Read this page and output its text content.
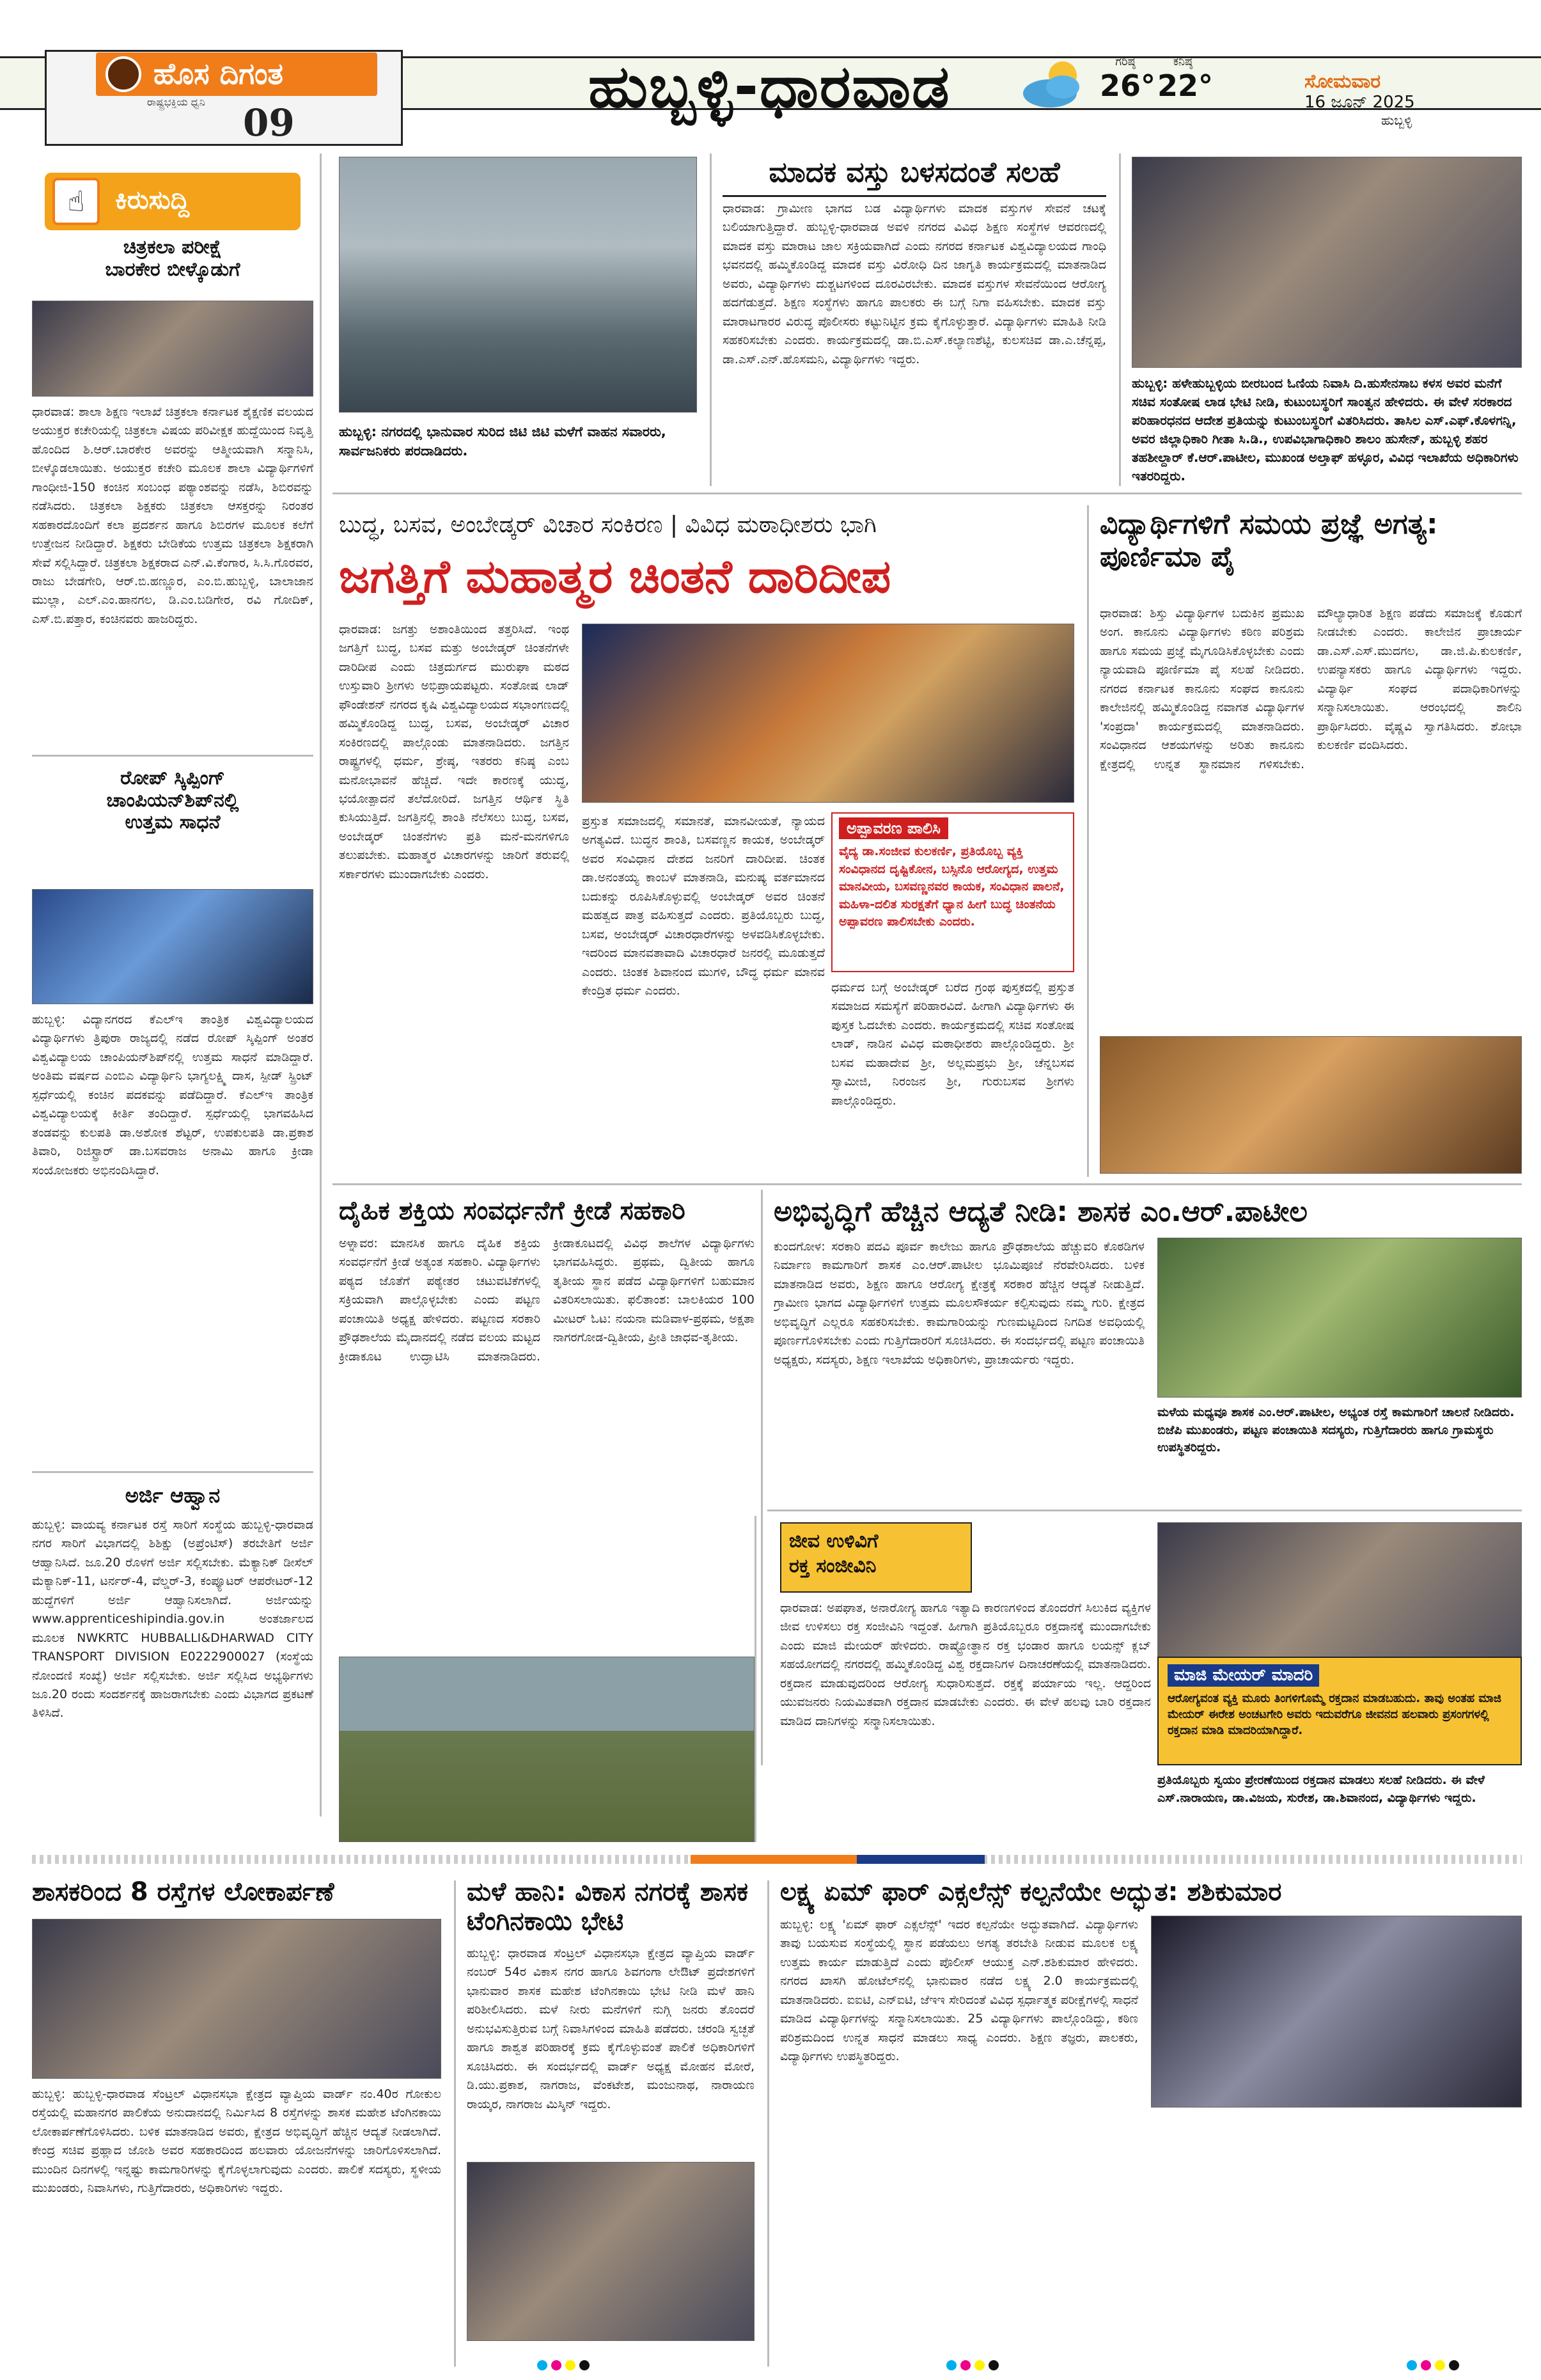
ಹೊಸ ದಿಗಂತ
ರಾಷ್ಟ್ರಭಕ್ತಿಯ ಧ್ವನಿ	09
ಹುಬ್ಬಳ್ಳಿ-ಧಾರವಾಡ	ಗರಿಷ್ಠ
26°
ಕನಿಷ್ಠ
22°	ಸೋಮವಾರ
16 ಜೂನ್ 2025
ಹುಬ್ಬಳ್ಳಿ
☝	ಕಿರುಸುದ್ದಿ
ಚಿತ್ರಕಲಾ ಪರೀಕ್ಷೆ
ಬಾರಕೇರ ಬೀಳ್ಕೊಡುಗೆ
ಧಾರವಾಡ: ಶಾಲಾ ಶಿಕ್ಷಣ ಇಲಾಖೆ ಚಿತ್ರಕಲಾ ಕರ್ನಾಟಕ ಶೈಕ್ಷಣಿಕ ವಲಯದ ಅಯುಕ್ತರ ಕಚೇರಿಯಲ್ಲಿ ಚಿತ್ರಕಲಾ ವಿಷಯ ಪರಿವೀಕ್ಷಕ ಹುದ್ದೆಯಿಂದ ನಿವೃತ್ತಿ ಹೊಂದಿದ ಶಿ.ಆರ್.ಬಾರಕೇರ ಅವರನ್ನು ಆತ್ಮೀಯವಾಗಿ ಸನ್ಮಾನಿಸಿ, ಬೀಳ್ಕೊಡಲಾಯಿತು. ಅಯುಕ್ತರ ಕಚೇರಿ ಮೂಲಕ ಶಾಲಾ ವಿದ್ಯಾರ್ಥಿಗಳಿಗೆ ಗಾಂಧೀಜಿ-150 ಕಂಚಿನ ಸಂಬಂಧ ಪಠ್ಯಾಂಶವನ್ನು ನಡೆಸಿ, ಶಿಬಿರವನ್ನು ನಡೆಸಿದರು. ಚಿತ್ರಕಲಾ ಶಿಕ್ಷಕರು ಚಿತ್ರಕಲಾ ಆಸಕ್ತರನ್ನು ನಿರಂತರ ಸಹಕಾರದೊಂದಿಗೆ ಕಲಾ ಪ್ರದರ್ಶನ ಹಾಗೂ ಶಿಬಿರಗಳ ಮೂಲಕ ಕಲೆಗೆ ಉತ್ತೇಜನ ನೀಡಿದ್ದಾರೆ. ಶಿಕ್ಷಕರು ಬೇಡಿಕೆಯ ಉತ್ತಮ ಚಿತ್ರಕಲಾ ಶಿಕ್ಷಕರಾಗಿ ಸೇವೆ ಸಲ್ಲಿಸಿದ್ದಾರೆ. ಚಿತ್ರಕಲಾ ಶಿಕ್ಷಕರಾದ ಎನ್.ವಿ.ಕೆಂಗಾರ, ಸಿ.ಸಿ.ಗೊರವರ, ರಾಜು ಬೇಡಗೇರಿ, ಆರ್.ಬಿ.ಹಣ್ಣೂರ, ಎಂ.ಬಿ.ಹುಬ್ಬಳ್ಳಿ, ಬಾಲಾಜಾನ ಮುಲ್ಲಾ, ಎಲ್.ಎಂ.ಹಾನಗಲ, ಡಿ.ಎಂ.ಬಡಿಗೇರ, ರವಿ ಗೋದಿಕ್, ಎಸ್.ಬಿ.ಪತ್ತಾರ, ಕಂಚಿನವರು ಹಾಜರಿದ್ದರು.
ರೋಪ್ ಸ್ಕಿಪ್ಪಿಂಗ್
ಚಾಂಪಿಯನ್‌ಶಿಪ್‌ನಲ್ಲಿ
ಉತ್ತಮ ಸಾಧನೆ
ಹುಬ್ಬಳ್ಳಿ: ವಿದ್ಯಾನಗರದ ಕೆಎಲ್‌ಇ ತಾಂತ್ರಿಕ ವಿಶ್ವವಿದ್ಯಾಲಯದ ವಿದ್ಯಾರ್ಥಿಗಳು ತ್ರಿಪುರಾ ರಾಜ್ಯದಲ್ಲಿ ನಡೆದ ರೋಪ್ ಸ್ಕಿಪ್ಪಿಂಗ್ ಅಂತರ ವಿಶ್ವವಿದ್ಯಾಲಯ ಚಾಂಪಿಯನ್‌ಶಿಪ್‌ನಲ್ಲಿ ಉತ್ತಮ ಸಾಧನೆ ಮಾಡಿದ್ದಾರೆ. ಅಂತಿಮ ವರ್ಷದ ಎಂಬಿಎ ವಿದ್ಯಾರ್ಥಿನಿ ಭಾಗ್ಯಲಕ್ಷ್ಮಿ ದಾಸ, ಸ್ಪೀಡ್ ಸ್ಪ್ರಿಂಟ್ ಸ್ಪರ್ಧೆಯಲ್ಲಿ ಕಂಚಿನ ಪದಕವನ್ನು ಪಡೆದಿದ್ದಾರೆ. ಕೆಎಲ್‌ಇ ತಾಂತ್ರಿಕ ವಿಶ್ವವಿದ್ಯಾಲಯಕ್ಕೆ ಕೀರ್ತಿ ತಂದಿದ್ದಾರೆ. ಸ್ಪರ್ಧೆಯಲ್ಲಿ ಭಾಗವಹಿಸಿದ ತಂಡವನ್ನು ಕುಲಪತಿ ಡಾ.ಅಶೋಕ ಶೆಟ್ಟರ್, ಉಪಕುಲಪತಿ ಡಾ.ಪ್ರಕಾಶ ತಿವಾರಿ, ರಿಜಿಸ್ಟ್ರಾರ್ ಡಾ.ಬಸವರಾಜ ಅನಾಮಿ ಹಾಗೂ ಕ್ರೀಡಾ ಸಂಯೋಜಕರು ಅಭಿನಂದಿಸಿದ್ದಾರೆ.
ಅರ್ಜಿ ಆಹ್ವಾನ
ಹುಬ್ಬಳ್ಳಿ: ವಾಯವ್ಯ ಕರ್ನಾಟಕ ರಸ್ತೆ ಸಾರಿಗೆ ಸಂಸ್ಥೆಯ ಹುಬ್ಬಳ್ಳಿ-ಧಾರವಾಡ ನಗರ ಸಾರಿಗೆ ವಿಭಾಗದಲ್ಲಿ ಶಿಶಿಕ್ಷು (ಅಪ್ರೆಂಟಿಸ್) ತರಬೇತಿಗೆ ಅರ್ಜಿ ಆಹ್ವಾನಿಸಿದೆ. ಜೂ.20 ರೊಳಗೆ ಅರ್ಜಿ ಸಲ್ಲಿಸಬೇಕು. ಮೆಕ್ಯಾನಿಕ್ ಡೀಸೆಲ್ ಮೆಕ್ಯಾನಿಕ್-11, ಟರ್ನರ್-4, ವೆಲ್ಡರ್-3, ಕಂಪ್ಯೂಟರ್ ಆಪರೇಟರ್-12 ಹುದ್ದೆಗಳಿಗೆ ಅರ್ಜಿ ಆಹ್ವಾನಿಸಲಾಗಿದೆ. ಅರ್ಜಿಯನ್ನು www.apprenticeshipindia.gov.in ಅಂತರ್ಜಾಲದ ಮೂಲಕ NWKRTC HUBBALLI&DHARWAD CITY TRANSPORT DIVISION E0222900027 (ಸಂಸ್ಥೆಯ ನೋಂದಣಿ ಸಂಖ್ಯೆ) ಅರ್ಜಿ ಸಲ್ಲಿಸಬೇಕು. ಅರ್ಜಿ ಸಲ್ಲಿಸಿದ ಅಭ್ಯರ್ಥಿಗಳು ಜೂ.20 ರಂದು ಸಂದರ್ಶನಕ್ಕೆ ಹಾಜರಾಗಬೇಕು ಎಂದು ವಿಭಾಗದ ಪ್ರಕಟಣೆ ತಿಳಿಸಿದೆ.
ಹುಬ್ಬಳ್ಳಿ: ನಗರದಲ್ಲಿ ಭಾನುವಾರ ಸುರಿದ ಜಿಟಿ ಜಿಟಿ ಮಳೆಗೆ ವಾಹನ ಸವಾರರು, ಸಾರ್ವಜನಿಕರು ಪರದಾಡಿದರು.
ಮಾದಕ ವಸ್ತು ಬಳಸದಂತೆ ಸಲಹೆ
ಧಾರವಾಡ: ಗ್ರಾಮೀಣ ಭಾಗದ ಬಡ ವಿದ್ಯಾರ್ಥಿಗಳು ಮಾದಕ ವಸ್ತುಗಳ ಸೇವನೆ ಚಟಕ್ಕೆ ಬಲಿಯಾಗುತ್ತಿದ್ದಾರೆ. ಹುಬ್ಬಳ್ಳಿ-ಧಾರವಾಡ ಅವಳಿ ನಗರದ ವಿವಿಧ ಶಿಕ್ಷಣ ಸಂಸ್ಥೆಗಳ ಆವರಣದಲ್ಲಿ ಮಾದಕ ವಸ್ತು ಮಾರಾಟ ಜಾಲ ಸಕ್ರಿಯವಾಗಿದೆ ಎಂದು ನಗರದ ಕರ್ನಾಟಕ ವಿಶ್ವವಿದ್ಯಾಲಯದ ಗಾಂಧಿ ಭವನದಲ್ಲಿ ಹಮ್ಮಿಕೊಂಡಿದ್ದ ಮಾದಕ ವಸ್ತು ವಿರೋಧಿ ದಿನ ಜಾಗೃತಿ ಕಾರ್ಯಕ್ರಮದಲ್ಲಿ ಮಾತನಾಡಿದ ಅವರು, ವಿದ್ಯಾರ್ಥಿಗಳು ದುಶ್ಚಟಗಳಿಂದ ದೂರವಿರಬೇಕು. ಮಾದಕ ವಸ್ತುಗಳ ಸೇವನೆಯಿಂದ ಆರೋಗ್ಯ ಹದಗೆಡುತ್ತದೆ. ಶಿಕ್ಷಣ ಸಂಸ್ಥೆಗಳು ಹಾಗೂ ಪಾಲಕರು ಈ ಬಗ್ಗೆ ನಿಗಾ ವಹಿಸಬೇಕು. ಮಾದಕ ವಸ್ತು ಮಾರಾಟಗಾರರ ವಿರುದ್ಧ ಪೊಲೀಸರು ಕಟ್ಟುನಿಟ್ಟಿನ ಕ್ರಮ ಕೈಗೊಳ್ಳುತ್ತಾರೆ. ವಿದ್ಯಾರ್ಥಿಗಳು ಮಾಹಿತಿ ನೀಡಿ ಸಹಕರಿಸಬೇಕು ಎಂದರು. ಕಾರ್ಯಕ್ರಮದಲ್ಲಿ ಡಾ.ಬಿ.ಎಸ್.ಕಲ್ಯಾಣಶೆಟ್ಟಿ, ಕುಲಸಚಿವ ಡಾ.ಎ.ಚೆನ್ನಪ್ಪ, ಡಾ.ಎಸ್.ಎನ್.ಹೊಸಮನಿ, ವಿದ್ಯಾರ್ಥಿಗಳು ಇದ್ದರು.
ಹುಬ್ಬಳ್ಳಿ: ಹಳೇಹುಬ್ಬಳ್ಳಿಯ ಬೀರಬಂದ ಓಣಿಯ ನಿವಾಸಿ ದಿ.ಹುಸೇನಸಾಬ ಕಳಸ ಅವರ ಮನೆಗೆ ಸಚಿವ ಸಂತೋಷ ಲಾಡ ಭೇಟಿ ನೀಡಿ, ಕುಟುಂಬಸ್ಥರಿಗೆ ಸಾಂತ್ವನ ಹೇಳಿದರು. ಈ ವೇಳೆ ಸರಕಾರದ ಪರಿಹಾರಧನದ ಆದೇಶ ಪ್ರತಿಯನ್ನು ಕುಟುಂಬಸ್ಥರಿಗೆ ವಿತರಿಸಿದರು. ತಾಸಿಲ ಎಸ್.ಎಫ್.ಕೊಳಗನ್ನಿ, ಅವರ ಜಿಲ್ಲಾಧಿಕಾರಿ ಗೀತಾ ಸಿ.ಡಿ., ಉಪವಿಭಾಗಾಧಿಕಾರಿ ಶಾಲಂ ಹುಸೇನ್, ಹುಬ್ಬಳ್ಳಿ ಶಹರ ತಹಶೀಲ್ದಾರ್ ಕೆ.ಆರ್.ಪಾಟೀಲ, ಮುಖಂಡ ಅಲ್ತಾಫ್ ಹಳ್ಳೂರ, ವಿವಿಧ ಇಲಾಖೆಯ ಅಧಿಕಾರಿಗಳು ಇತರರಿದ್ದರು.
ಬುದ್ಧ, ಬಸವ, ಅಂಬೇಡ್ಕರ್ ವಿಚಾರ ಸಂಕಿರಣ | ವಿವಿಧ ಮಠಾಧೀಶರು ಭಾಗಿ
ಜಗತ್ತಿಗೆ ಮಹಾತ್ಮರ ಚಿಂತನೆ ದಾರಿದೀಪ
ಧಾರವಾಡ: ಜಗತ್ತು ಅಶಾಂತಿಯಿಂದ ತತ್ತರಿಸಿದೆ. ಇಂಥ ಜಗತ್ತಿಗೆ ಬುದ್ಧ, ಬಸವ ಮತ್ತು ಅಂಬೇಡ್ಕರ್ ಚಿಂತನೆಗಳೇ ದಾರಿದೀಪ ಎಂದು ಚಿತ್ರದುರ್ಗದ ಮುರುಘಾ ಮಠದ ಉಸ್ತುವಾರಿ ಶ್ರೀಗಳು ಅಭಿಪ್ರಾಯಪಟ್ಟರು. ಸಂತೋಷ ಲಾಡ್ ಫೌಂಡೇಶನ್ ನಗರದ ಕೃಷಿ ವಿಶ್ವವಿದ್ಯಾಲಯದ ಸಭಾಂಗಣದಲ್ಲಿ ಹಮ್ಮಿಕೊಂಡಿದ್ದ ಬುದ್ಧ, ಬಸವ, ಅಂಬೇಡ್ಕರ್ ವಿಚಾರ ಸಂಕಿರಣದಲ್ಲಿ ಪಾಲ್ಗೊಂಡು ಮಾತನಾಡಿದರು. ಜಗತ್ತಿನ ರಾಷ್ಟ್ರಗಳಲ್ಲಿ ಧರ್ಮ, ಶ್ರೇಷ್ಠ, ಇತರರು ಕನಿಷ್ಠ ಎಂಬ ಮನೋಭಾವನೆ ಹೆಚ್ಚಿದೆ. ಇದೇ ಕಾರಣಕ್ಕೆ ಯುದ್ಧ, ಭಯೋತ್ಪಾದನೆ ತಲೆದೋರಿದೆ. ಜಗತ್ತಿನ ಆರ್ಥಿಕ ಸ್ಥಿತಿ ಕುಸಿಯುತ್ತಿದೆ. ಜಗತ್ತಿನಲ್ಲಿ ಶಾಂತಿ ನೆಲೆಸಲು ಬುದ್ಧ, ಬಸವ, ಅಂಬೇಡ್ಕರ್ ಚಿಂತನೆಗಳು ಪ್ರತಿ ಮನೆ-ಮನಗಳಿಗೂ ತಲುಪಬೇಕು. ಮಹಾತ್ಮರ ವಿಚಾರಗಳನ್ನು ಜಾರಿಗೆ ತರುವಲ್ಲಿ ಸರ್ಕಾರಗಳು ಮುಂದಾಗಬೇಕು ಎಂದರು.
ಪ್ರಸ್ತುತ ಸಮಾಜದಲ್ಲಿ ಸಮಾನತೆ, ಮಾನವೀಯತೆ, ನ್ಯಾಯದ ಅಗತ್ಯವಿದೆ. ಬುದ್ಧನ ಶಾಂತಿ, ಬಸವಣ್ಣನ ಕಾಯಕ, ಅಂಬೇಡ್ಕರ್ ಅವರ ಸಂವಿಧಾನ ದೇಶದ ಜನರಿಗೆ ದಾರಿದೀಪ. ಚಿಂತಕ ಡಾ.ಅನಂತಯ್ಯ ಕಾಂಬಳೆ ಮಾತನಾಡಿ, ಮನುಷ್ಯ ವರ್ತಮಾನದ ಬದುಕನ್ನು ರೂಪಿಸಿಕೊಳ್ಳುವಲ್ಲಿ ಅಂಬೇಡ್ಕರ್ ಅವರ ಚಿಂತನೆ ಮಹತ್ವದ ಪಾತ್ರ ವಹಿಸುತ್ತದೆ ಎಂದರು. ಪ್ರತಿಯೊಬ್ಬರು ಬುದ್ಧ, ಬಸವ, ಅಂಬೇಡ್ಕರ್ ವಿಚಾರಧಾರೆಗಳನ್ನು ಅಳವಡಿಸಿಕೊಳ್ಳಬೇಕು. ಇದರಿಂದ ಮಾನವತಾವಾದಿ ವಿಚಾರಧಾರೆ ಜನರಲ್ಲಿ ಮೂಡುತ್ತದೆ ಎಂದರು. ಚಿಂತಕ ಶಿವಾನಂದ ಮುಗಳಿ, ಬೌದ್ಧ ಧರ್ಮ ಮಾನವ ಕೇಂದ್ರಿತ ಧರ್ಮ ಎಂದರು.
ಅಪ್ಪಾವರಣ ಪಾಲಿಸಿ
ವೈದ್ಯ ಡಾ.ಸಂಜೀವ ಕುಲಕರ್ಣಿ, ಪ್ರತಿಯೊಬ್ಬ ವ್ಯಕ್ತಿ ಸಂವಿಧಾನದ ದೃಷ್ಟಿಕೋನ, ಬಸ್ಸಿನೊ ಆರೋಗ್ಯದ, ಉತ್ತಮ ಮಾನವೀಯ, ಬಸವಣ್ಣನವರ ಕಾಯಕ, ಸಂವಿಧಾನ ಪಾಲನೆ, ಮಹಿಳಾ-ದಲಿತ ಸುರಕ್ಷತೆಗೆ ಧ್ಯಾನ ಹೀಗೆ ಬುದ್ಧ ಚಿಂತನೆಯ ಅಪ್ಪಾವರಣ ಪಾಲಿಸಬೇಕು ಎಂದರು.
ಧರ್ಮದ ಬಗ್ಗೆ ಅಂಬೇಡ್ಕರ್ ಬರೆದ ಗ್ರಂಥ ಪುಸ್ತಕದಲ್ಲಿ ಪ್ರಸ್ತುತ ಸಮಾಜದ ಸಮಸ್ಯೆಗೆ ಪರಿಹಾರವಿದೆ. ಹೀಗಾಗಿ ವಿದ್ಯಾರ್ಥಿಗಳು ಈ ಪುಸ್ತಕ ಓದಬೇಕು ಎಂದರು. ಕಾರ್ಯಕ್ರಮದಲ್ಲಿ ಸಚಿವ ಸಂತೋಷ ಲಾಡ್, ನಾಡಿನ ವಿವಿಧ ಮಠಾಧೀಶರು ಪಾಲ್ಗೊಂಡಿದ್ದರು. ಶ್ರೀ ಬಸವ ಮಹಾದೇವ ಶ್ರೀ, ಅಲ್ಲಮಪ್ರಭು ಶ್ರೀ, ಚೆನ್ನಬಸವ ಸ್ವಾಮೀಜಿ, ನಿರಂಜನ ಶ್ರೀ, ಗುರುಬಸವ ಶ್ರೀಗಳು ಪಾಲ್ಗೊಂಡಿದ್ದರು.
ವಿದ್ಯಾರ್ಥಿಗಳಿಗೆ ಸಮಯ ಪ್ರಜ್ಞೆ ಅಗತ್ಯ: ಪೂರ್ಣಿಮಾ ಪೈ
ಧಾರವಾಡ: ಶಿಸ್ತು ವಿದ್ಯಾರ್ಥಿಗಳ ಬದುಕಿನ ಪ್ರಮುಖ ಅಂಗ. ಕಾನೂನು ವಿದ್ಯಾರ್ಥಿಗಳು ಕಠಿಣ ಪರಿಶ್ರಮ ಹಾಗೂ ಸಮಯ ಪ್ರಜ್ಞೆ ಮೈಗೂಡಿಸಿಕೊಳ್ಳಬೇಕು ಎಂದು ನ್ಯಾಯವಾದಿ ಪೂರ್ಣಿಮಾ ಪೈ ಸಲಹೆ ನೀಡಿದರು. ನಗರದ ಕರ್ನಾಟಕ ಕಾನೂನು ಸಂಘದ ಕಾನೂನು ಕಾಲೇಜಿನಲ್ಲಿ ಹಮ್ಮಿಕೊಂಡಿದ್ದ ನವಾಗತ ವಿದ್ಯಾರ್ಥಿಗಳ 'ಸಂಪ್ರದಾ' ಕಾರ್ಯಕ್ರಮದಲ್ಲಿ ಮಾತನಾಡಿದರು. ಸಂವಿಧಾನದ ಆಶಯಗಳನ್ನು ಅರಿತು ಕಾನೂನು ಕ್ಷೇತ್ರದಲ್ಲಿ ಉನ್ನತ ಸ್ಥಾನಮಾನ ಗಳಿಸಬೇಕು. ಮೌಲ್ಯಾಧಾರಿತ ಶಿಕ್ಷಣ ಪಡೆದು ಸಮಾಜಕ್ಕೆ ಕೊಡುಗೆ ನೀಡಬೇಕು ಎಂದರು. ಕಾಲೇಜಿನ ಪ್ರಾಚಾರ್ಯ ಡಾ.ಎಸ್.ಎಸ್.ಮುದಗಲ, ಡಾ.ಜಿ.ಪಿ.ಕುಲಕರ್ಣಿ, ಉಪನ್ಯಾಸಕರು ಹಾಗೂ ವಿದ್ಯಾರ್ಥಿಗಳು ಇದ್ದರು. ವಿದ್ಯಾರ್ಥಿ ಸಂಘದ ಪದಾಧಿಕಾರಿಗಳನ್ನು ಸನ್ಮಾನಿಸಲಾಯಿತು. ಆರಂಭದಲ್ಲಿ ಶಾಲಿನಿ ಪ್ರಾರ್ಥಿಸಿದರು. ವೈಷ್ಣವಿ ಸ್ವಾಗತಿಸಿದರು. ಶೋಭಾ ಕುಲಕರ್ಣಿ ವಂದಿಸಿದರು.
ದೈಹಿಕ ಶಕ್ತಿಯ ಸಂವರ್ಧನೆಗೆ ಕ್ರೀಡೆ ಸಹಕಾರಿ
ಅಳ್ನಾವರ: ಮಾನಸಿಕ ಹಾಗೂ ದೈಹಿಕ ಶಕ್ತಿಯ ಸಂವರ್ಧನೆಗೆ ಕ್ರೀಡೆ ಅತ್ಯಂತ ಸಹಕಾರಿ. ವಿದ್ಯಾರ್ಥಿಗಳು ಪಠ್ಯದ ಜೊತೆಗೆ ಪಠ್ಯೇತರ ಚಟುವಟಿಕೆಗಳಲ್ಲಿ ಸಕ್ರಿಯವಾಗಿ ಪಾಲ್ಗೊಳ್ಳಬೇಕು ಎಂದು ಪಟ್ಟಣ ಪಂಚಾಯಿತಿ ಅಧ್ಯಕ್ಷ ಹೇಳಿದರು. ಪಟ್ಟಣದ ಸರಕಾರಿ ಪ್ರೌಢಶಾಲೆಯ ಮೈದಾನದಲ್ಲಿ ನಡೆದ ವಲಯ ಮಟ್ಟದ ಕ್ರೀಡಾಕೂಟ ಉದ್ಘಾಟಿಸಿ ಮಾತನಾಡಿದರು. ಕ್ರೀಡಾಕೂಟದಲ್ಲಿ ವಿವಿಧ ಶಾಲೆಗಳ ವಿದ್ಯಾರ್ಥಿಗಳು ಭಾಗವಹಿಸಿದ್ದರು. ಪ್ರಥಮ, ದ್ವಿತೀಯ ಹಾಗೂ ತೃತೀಯ ಸ್ಥಾನ ಪಡೆದ ವಿದ್ಯಾರ್ಥಿಗಳಿಗೆ ಬಹುಮಾನ ವಿತರಿಸಲಾಯಿತು. ಫಲಿತಾಂಶ: ಬಾಲಕಿಯರ 100 ಮೀಟರ್ ಓಟ: ನಯನಾ ಮಡಿವಾಳ-ಪ್ರಥಮ, ಅಕ್ಷತಾ ನಾಗರಗೋಡ-ದ್ವಿತೀಯ, ಪ್ರೀತಿ ಜಾಧವ-ತೃತೀಯ.
ಅಭಿವೃದ್ಧಿಗೆ ಹೆಚ್ಚಿನ ಆದ್ಯತೆ ನೀಡಿ: ಶಾಸಕ ಎಂ.ಆರ್.ಪಾಟೀಲ
ಕುಂದಗೋಳ: ಸರಕಾರಿ ಪದವಿ ಪೂರ್ವ ಕಾಲೇಜು ಹಾಗೂ ಪ್ರೌಢಶಾಲೆಯ ಹೆಚ್ಚುವರಿ ಕೊಠಡಿಗಳ ನಿರ್ಮಾಣ ಕಾಮಗಾರಿಗೆ ಶಾಸಕ ಎಂ.ಆರ್.ಪಾಟೀಲ ಭೂಮಿಪೂಜೆ ನೆರವೇರಿಸಿದರು. ಬಳಿಕ ಮಾತನಾಡಿದ ಅವರು, ಶಿಕ್ಷಣ ಹಾಗೂ ಆರೋಗ್ಯ ಕ್ಷೇತ್ರಕ್ಕೆ ಸರಕಾರ ಹೆಚ್ಚಿನ ಆದ್ಯತೆ ನೀಡುತ್ತಿದೆ. ಗ್ರಾಮೀಣ ಭಾಗದ ವಿದ್ಯಾರ್ಥಿಗಳಿಗೆ ಉತ್ತಮ ಮೂಲಸೌಕರ್ಯ ಕಲ್ಪಿಸುವುದು ನಮ್ಮ ಗುರಿ. ಕ್ಷೇತ್ರದ ಅಭಿವೃದ್ಧಿಗೆ ಎಲ್ಲರೂ ಸಹಕರಿಸಬೇಕು. ಕಾಮಗಾರಿಯನ್ನು ಗುಣಮಟ್ಟದಿಂದ ನಿಗದಿತ ಅವಧಿಯಲ್ಲಿ ಪೂರ್ಣಗೊಳಿಸಬೇಕು ಎಂದು ಗುತ್ತಿಗೆದಾರರಿಗೆ ಸೂಚಿಸಿದರು. ಈ ಸಂದರ್ಭದಲ್ಲಿ ಪಟ್ಟಣ ಪಂಚಾಯಿತಿ ಅಧ್ಯಕ್ಷರು, ಸದಸ್ಯರು, ಶಿಕ್ಷಣ ಇಲಾಖೆಯ ಅಧಿಕಾರಿಗಳು, ಪ್ರಾಚಾರ್ಯರು ಇದ್ದರು.
ಮಳೆಯ ಮಧ್ಯವೂ ಶಾಸಕ ಎಂ.ಆರ್.ಪಾಟೀಲ, ಅಭ್ಯಂತ ರಸ್ತೆ ಕಾಮಗಾರಿಗೆ ಚಾಲನೆ ನೀಡಿದರು. ಬಿಜೆಪಿ ಮುಖಂಡರು, ಪಟ್ಟಣ ಪಂಚಾಯಿತಿ ಸದಸ್ಯರು, ಗುತ್ತಿಗೆದಾರರು ಹಾಗೂ ಗ್ರಾಮಸ್ಥರು ಉಪಸ್ಥಿತರಿದ್ದರು.
ಜೀವ ಉಳಿವಿಗೆ
ರಕ್ತ ಸಂಜೀವಿನಿ
ಧಾರವಾಡ: ಅಪಘಾತ, ಅನಾರೋಗ್ಯ ಹಾಗೂ ಇತ್ಯಾದಿ ಕಾರಣಗಳಿಂದ ತೊಂದರೆಗೆ ಸಿಲುಕಿದ ವ್ಯಕ್ತಿಗಳ ಜೀವ ಉಳಿಸಲು ರಕ್ತ ಸಂಜೀವಿನಿ ಇದ್ದಂತೆ. ಹೀಗಾಗಿ ಪ್ರತಿಯೊಬ್ಬರೂ ರಕ್ತದಾನಕ್ಕೆ ಮುಂದಾಗಬೇಕು ಎಂದು ಮಾಜಿ ಮೇಯರ್ ಹೇಳಿದರು. ರಾಷ್ಟ್ರೋತ್ಥಾನ ರಕ್ತ ಭಂಡಾರ ಹಾಗೂ ಲಯನ್ಸ್ ಕ್ಲಬ್ ಸಹಯೋಗದಲ್ಲಿ ನಗರದಲ್ಲಿ ಹಮ್ಮಿಕೊಂಡಿದ್ದ ವಿಶ್ವ ರಕ್ತದಾನಿಗಳ ದಿನಾಚರಣೆಯಲ್ಲಿ ಮಾತನಾಡಿದರು. ರಕ್ತದಾನ ಮಾಡುವುದರಿಂದ ಆರೋಗ್ಯ ಸುಧಾರಿಸುತ್ತದೆ. ರಕ್ತಕ್ಕೆ ಪರ್ಯಾಯ ಇಲ್ಲ. ಆದ್ದರಿಂದ ಯುವಜನರು ನಿಯಮಿತವಾಗಿ ರಕ್ತದಾನ ಮಾಡಬೇಕು ಎಂದರು. ಈ ವೇಳೆ ಹಲವು ಬಾರಿ ರಕ್ತದಾನ ಮಾಡಿದ ದಾನಿಗಳನ್ನು ಸನ್ಮಾನಿಸಲಾಯಿತು.
ಮಾಜಿ ಮೇಯರ್ ಮಾದರಿ
ಆರೋಗ್ಯವಂತ ವ್ಯಕ್ತಿ ಮೂರು ತಿಂಗಳಿಗೊಮ್ಮೆ ರಕ್ತದಾನ ಮಾಡಬಹುದು. ತಾವು ಅಂತಹ ಮಾಜಿ ಮೇಯರ್ ಈರೇಶ ಅಂಚಟಗೇರಿ ಅವರು ಇದುವರೆಗೂ ಜೀವನದ ಹಲವಾರು ಪ್ರಸಂಗಗಳಲ್ಲಿ ರಕ್ತದಾನ ಮಾಡಿ ಮಾದರಿಯಾಗಿದ್ದಾರೆ.
ಪ್ರತಿಯೊಬ್ಬರು ಸ್ವಯಂ ಪ್ರೇರಣೆಯಿಂದ ರಕ್ತದಾನ ಮಾಡಲು ಸಲಹೆ ನೀಡಿದರು. ಈ ವೇಳೆ ಎಸ್.ನಾರಾಯಣ, ಡಾ.ವಿಜಯ, ಸುರೇಶ, ಡಾ.ಶಿವಾನಂದ, ವಿದ್ಯಾರ್ಥಿಗಳು ಇದ್ದರು.
ಶಾಸಕರಿಂದ 8 ರಸ್ತೆಗಳ ಲೋಕಾರ್ಪಣೆ
ಹುಬ್ಬಳ್ಳಿ: ಹುಬ್ಬಳ್ಳಿ-ಧಾರವಾಡ ಸೆಂಟ್ರಲ್ ವಿಧಾನಸಭಾ ಕ್ಷೇತ್ರದ ವ್ಯಾಪ್ತಿಯ ವಾರ್ಡ್ ನಂ.40ರ ಗೋಕುಲ ರಸ್ತೆಯಲ್ಲಿ ಮಹಾನಗರ ಪಾಲಿಕೆಯ ಅನುದಾನದಲ್ಲಿ ನಿರ್ಮಿಸಿದ 8 ರಸ್ತೆಗಳನ್ನು ಶಾಸಕ ಮಹೇಶ ಟೆಂಗಿನಕಾಯಿ ಲೋಕಾರ್ಪಣೆಗೊಳಿಸಿದರು. ಬಳಿಕ ಮಾತನಾಡಿದ ಅವರು, ಕ್ಷೇತ್ರದ ಅಭಿವೃದ್ಧಿಗೆ ಹೆಚ್ಚಿನ ಆದ್ಯತೆ ನೀಡಲಾಗಿದೆ. ಕೇಂದ್ರ ಸಚಿವ ಪ್ರಹ್ಲಾದ ಜೋಶಿ ಅವರ ಸಹಕಾರದಿಂದ ಹಲವಾರು ಯೋಜನೆಗಳನ್ನು ಜಾರಿಗೊಳಿಸಲಾಗಿದೆ. ಮುಂದಿನ ದಿನಗಳಲ್ಲಿ ಇನ್ನಷ್ಟು ಕಾಮಗಾರಿಗಳನ್ನು ಕೈಗೊಳ್ಳಲಾಗುವುದು ಎಂದರು. ಪಾಲಿಕೆ ಸದಸ್ಯರು, ಸ್ಥಳೀಯ ಮುಖಂಡರು, ನಿವಾಸಿಗಳು, ಗುತ್ತಿಗೆದಾರರು, ಅಧಿಕಾರಿಗಳು ಇದ್ದರು.
ಮಳೆ ಹಾನಿ: ವಿಕಾಸ ನಗರಕ್ಕೆ ಶಾಸಕ ಟೆಂಗಿನಕಾಯಿ ಭೇಟಿ
ಹುಬ್ಬಳ್ಳಿ: ಧಾರವಾಡ ಸೆಂಟ್ರಲ್ ವಿಧಾನಸಭಾ ಕ್ಷೇತ್ರದ ವ್ಯಾಪ್ತಿಯ ವಾರ್ಡ್ ನಂಬರ್ 54ರ ವಿಕಾಸ ನಗರ ಹಾಗೂ ಶಿವಗಂಗಾ ಲೇಔಟ್ ಪ್ರದೇಶಗಳಿಗೆ ಭಾನುವಾರ ಶಾಸಕ ಮಹೇಶ ಟೆಂಗಿನಕಾಯಿ ಭೇಟಿ ನೀಡಿ ಮಳೆ ಹಾನಿ ಪರಿಶೀಲಿಸಿದರು. ಮಳೆ ನೀರು ಮನೆಗಳಿಗೆ ನುಗ್ಗಿ ಜನರು ತೊಂದರೆ ಅನುಭವಿಸುತ್ತಿರುವ ಬಗ್ಗೆ ನಿವಾಸಿಗಳಿಂದ ಮಾಹಿತಿ ಪಡೆದರು. ಚರಂಡಿ ಸ್ವಚ್ಛತೆ ಹಾಗೂ ಶಾಶ್ವತ ಪರಿಹಾರಕ್ಕೆ ಕ್ರಮ ಕೈಗೊಳ್ಳುವಂತೆ ಪಾಲಿಕೆ ಅಧಿಕಾರಿಗಳಿಗೆ ಸೂಚಿಸಿದರು. ಈ ಸಂದರ್ಭದಲ್ಲಿ ವಾರ್ಡ್ ಅಧ್ಯಕ್ಷ ಮೋಹನ ಮೋರೆ, ಡಿ.ಯು.ಪ್ರಕಾಶ, ನಾಗರಾಜ, ವೆಂಕಟೇಶ, ಮಂಜುನಾಥ, ನಾರಾಯಣ ರಾಯ್ಕರ, ನಾಗರಾಜ ಮಿಸ್ಕಿನ್ ಇದ್ದರು.
ಲಕ್ಷ್ಯ ಏಮ್ ಫಾರ್ ಎಕ್ಸಲೆನ್ಸ್ ಕಲ್ಪನೆಯೇ ಅದ್ಭುತ: ಶಶಿಕುಮಾರ
ಹುಬ್ಬಳ್ಳಿ: ಲಕ್ಷ್ಯ 'ಏಮ್ ಫಾರ್ ಎಕ್ಸಲೆನ್ಸ್' ಇದರ ಕಲ್ಪನೆಯೇ ಅದ್ಭುತವಾಗಿದೆ. ವಿದ್ಯಾರ್ಥಿಗಳು ತಾವು ಬಯಸುವ ಸಂಸ್ಥೆಯಲ್ಲಿ ಸ್ಥಾನ ಪಡೆಯಲು ಅಗತ್ಯ ತರಬೇತಿ ನೀಡುವ ಮೂಲಕ ಲಕ್ಷ್ಯ ಉತ್ತಮ ಕಾರ್ಯ ಮಾಡುತ್ತಿದೆ ಎಂದು ಪೊಲೀಸ್ ಆಯುಕ್ತ ಎನ್.ಶಶಿಕುಮಾರ ಹೇಳಿದರು. ನಗರದ ಖಾಸಗಿ ಹೋಟೆಲ್‌ನಲ್ಲಿ ಭಾನುವಾರ ನಡೆದ ಲಕ್ಷ್ಯ 2.0 ಕಾರ್ಯಕ್ರಮದಲ್ಲಿ ಮಾತನಾಡಿದರು. ಐಐಟಿ, ಎನ್‌ಐಟಿ, ಜೆಇಇ ಸೇರಿದಂತೆ ವಿವಿಧ ಸ್ಪರ್ಧಾತ್ಮಕ ಪರೀಕ್ಷೆಗಳಲ್ಲಿ ಸಾಧನೆ ಮಾಡಿದ ವಿದ್ಯಾರ್ಥಿಗಳನ್ನು ಸನ್ಮಾನಿಸಲಾಯಿತು. 25 ವಿದ್ಯಾರ್ಥಿಗಳು ಪಾಲ್ಗೊಂಡಿದ್ದು, ಕಠಿಣ ಪರಿಶ್ರಮದಿಂದ ಉನ್ನತ ಸಾಧನೆ ಮಾಡಲು ಸಾಧ್ಯ ಎಂದರು. ಶಿಕ್ಷಣ ತಜ್ಞರು, ಪಾಲಕರು, ವಿದ್ಯಾರ್ಥಿಗಳು ಉಪಸ್ಥಿತರಿದ್ದರು.
